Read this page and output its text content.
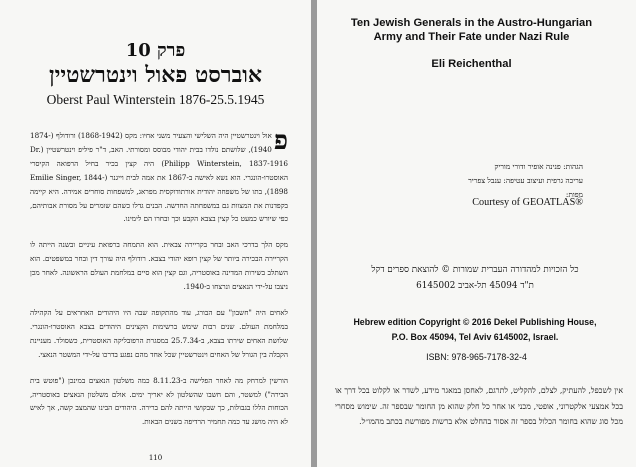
פרק 10
אוברסט פאול וינטרשטיין
Oberst Paul Winterstein 1876-25.5.1945

פ
אול וינטרשטיין היה השלישי והצעיר משני אחיו: מקס (1868-1942) ורודולף (1874-1940), שלושתם נולדו בבית יהודי מבוסס ומסורתי. האב, ד"ר פיליפ וינטרשטיין (Dr. Philipp Winterstein, 1837-1916) היה קצין בכיר בחיל הרפואה הקיסרי האוסטרו-הונגרי. הוא נשא לאישה ב-1867 את אמה לבית וייגנר (Emilie Singer, 1844-1898), בתו של משפחה יהודית אורתודוקסית מפראג, למשפחות סוחרים אמידה. היא קיימה בקפדנות את המצוות גם במשפחתה החדשה. הבנים גדלו כשהם שומרים על מסורת אבותיהם, כפי שיורש כמעט כל קצין בצבא הקבע וכך ובחרו הם לימינו.

מקס הלך בדרכי האב ובחר בקריירה צבאית. הוא התמחה ברפואת עיניים ובשנה הייתה לו הקריירה הבכירה ביותר של קצין רופא יהודי בצבא. רודולף היה עורך דין ובחר במשפטים. הוא השתלב בשירות המדינה באוסטריה, וגם קצין הוא סיים במלחמת העולם הראשונה. לאחר מכן ניצבו על-ידי הנאצים ונרצחו ב-1940.

לאחים היה "חשבון" עם הבורג, עוד מהתקופה שבה היו היהודים האחראים על הקהילה במלחמת העולם. שנים רבות שימש ברשימות הקצינים היהודים בצבא האוסטרו-הונגרי. שלושת האחים שירתו בצבא, ב-25.7.34 במסגרת הרפובליקה האוסטרית, כשסולד. מעניינת הקבלה בין הגורל של האחים וינטרשטיין שכל אחד מהם נפגע בדרכו על-ידי המשטר הנאצי.

הורשין למרחק מה לאחר הפלישה ב-8.11.23 כמה משלטון הנאצים במינכן ("פוטש בית הבירה") למשטר, והם חשבו שהשלטון לא יאריך ימים. אולם משלטון הנאצים באוסטריה, הכוחות הללו בגבולות, כך שבקושי הייתה להם ברירה. היהודים הבינו שהמצב קשה, אך לאיש לא היה מושג עד כמה תחמיר הרדיפה בשנים הבאות.

110
Ten Jewish Generals in the Austro-Hungarian Army and Their Fate under Nazi Rule
Eli Reichenthal
הגהות: פנינה אופיר ודורי מוריק
עריכה גרפית ועיצוב עטיפה: ענבל צפריר
מפות:
Courtesy of GEOATLAS®
כל הזכויות למהדורה העברית שמורות © להוצאת ספרים דקל
ת"ד 45094 תל-אביב 6145002
Hebrew edition Copyright © 2016 Dekel Publishing House,
P.O. Box 45094, Tel Aviv 6145002, Israel.
ISBN: 978-965-7178-32-4
אין לשכפל, להעתיק, לצלם, להקליט, לתרגם, לאחסן במאגר מידע, לשדר או לקלוט בכל דרך או בכל אמצעי אלקטרוני, אופטי, מכני או אחר כל חלק שהוא מן החומר שבספר זה. שימוש מסחרי מכל סוג שהוא בחומר הכלול בספר זה אסור בהחלט אלא ברשות מפורשת בכתב מהמו״ל.
